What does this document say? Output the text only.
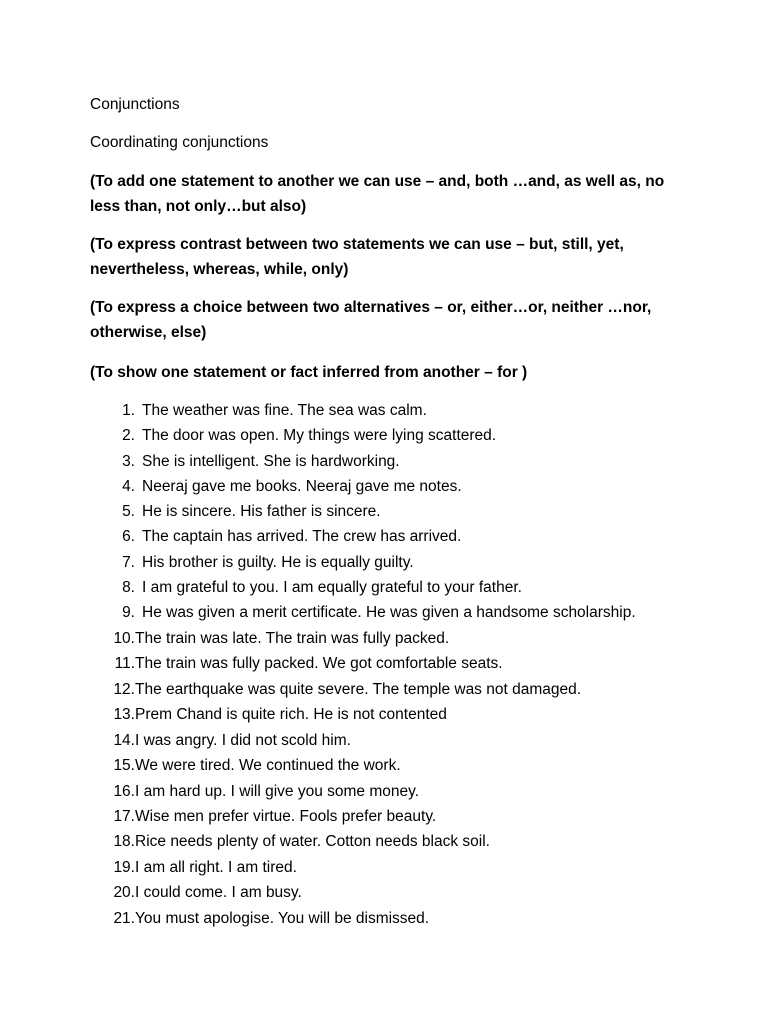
Conjunctions

Coordinating conjunctions

(To add one statement to another we can use – and, both …and, as well as, no less than, not only…but also)

(To express contrast between two statements we can use – but, still, yet, nevertheless, whereas, while, only)

(To express a choice between two alternatives – or, either…or, neither …nor, otherwise, else)

(To show one statement or fact inferred from another – for )

1. The weather was fine. The sea was calm.
2. The door was open. My things were lying scattered.
3. She is intelligent. She is hardworking.
4. Neeraj gave me books. Neeraj gave me notes.
5. He is sincere. His father is sincere.
6. The captain has arrived. The crew has arrived.
7. His brother is guilty. He is equally guilty.
8. I am grateful to you. I am equally grateful to your father.
9. He was given a merit certificate. He was given a handsome scholarship.
10.The train was late. The train was fully packed.
11.The train was fully packed. We got comfortable seats.
12.The earthquake was quite severe. The temple was not damaged.
13.Prem Chand is quite rich. He is not contented
14.I was angry. I did not scold him.
15.We were tired. We continued the work.
16.I am hard up. I will give you some money.
17.Wise men prefer virtue. Fools prefer beauty.
18.Rice needs plenty of water. Cotton needs black soil.
19.I am all right. I am tired.
20.I could come. I am busy.
21.You must apologise. You will be dismissed.
